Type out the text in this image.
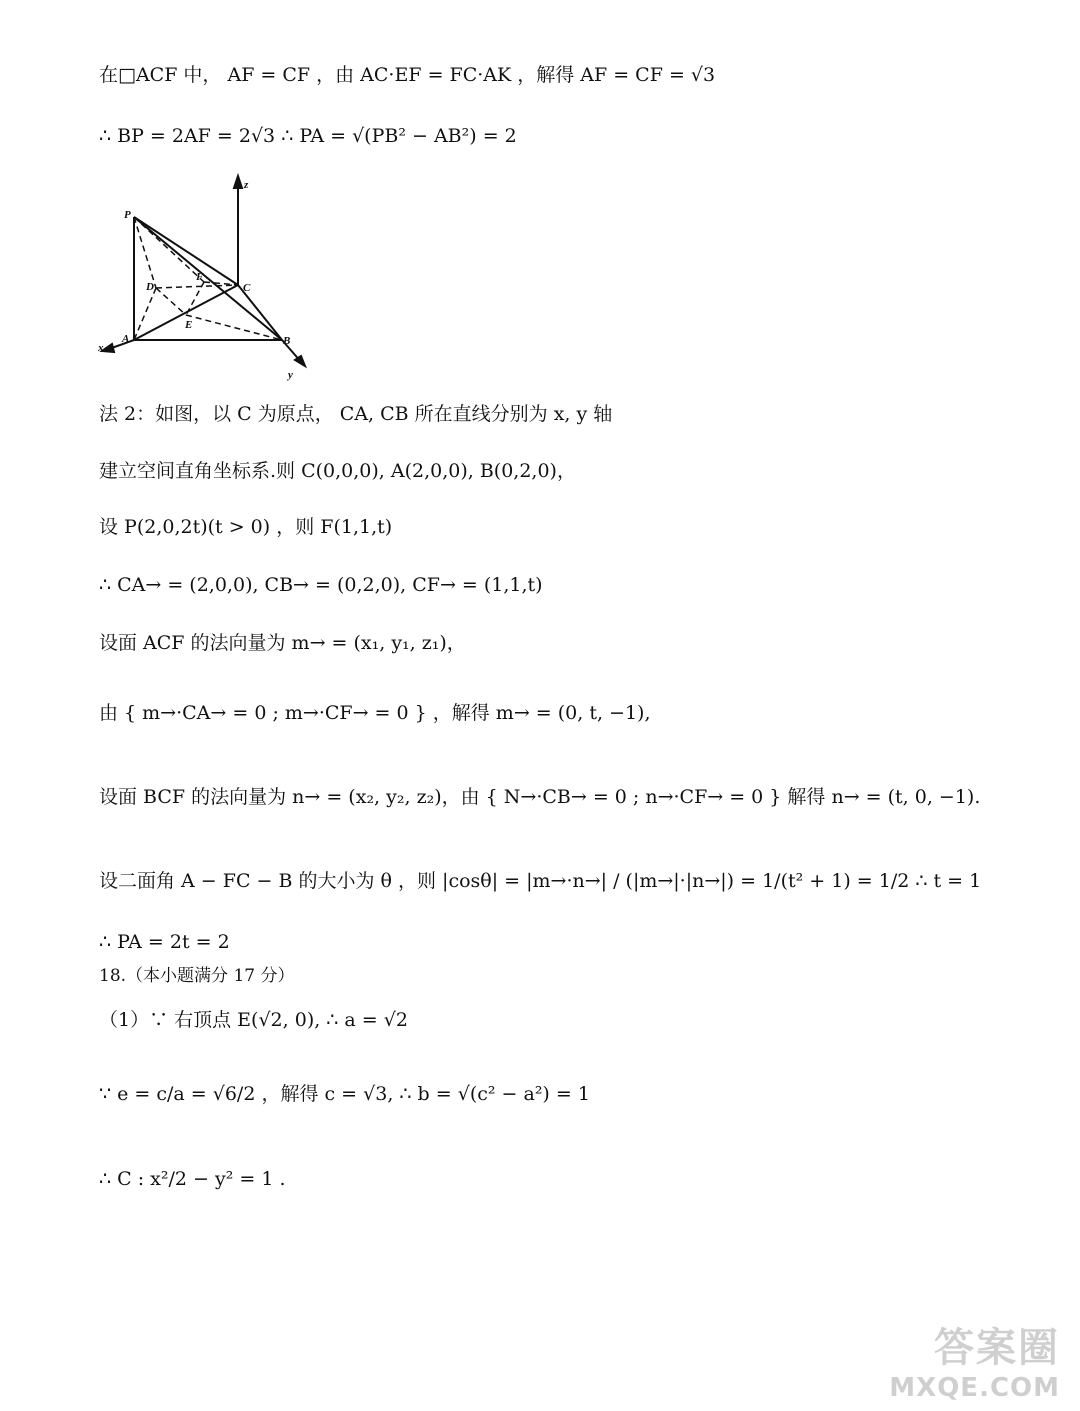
在□ACF 中， AF = CF ，由 AC·EF = FC·AK ，解得 AF = CF = √3
∴ BP = 2AF = 2√3 ∴ PA = √(PB² − AB²) = 2
P
z
D
F
C
A
E
B
x
y
法 2：如图，以 C 为原点， CA, CB 所在直线分别为 x, y 轴
建立空间直角坐标系.则 C(0,0,0), A(2,0,0), B(0,2,0)，
设 P(2,0,2t)(t > 0) ，则 F(1,1,t)
∴ CA→ = (2,0,0), CB→ = (0,2,0), CF→ = (1,1,t)
设面 ACF 的法向量为 m→ = (x₁, y₁, z₁)，
由 { m→·CA→ = 0 ; m→·CF→ = 0 } ，解得 m→ = (0, t, −1),
设面 BCF 的法向量为 n→ = (x₂, y₂, z₂)，由 { N→·CB→ = 0 ; n→·CF→ = 0 } 解得 n→ = (t, 0, −1).
设二面角 A − FC − B 的大小为 θ ，则 |cosθ| = |m→·n→| / (|m→|·|n→|) = 1/(t² + 1) = 1/2 ∴ t = 1
∴ PA = 2t = 2
18.（本小题满分 17 分）
（1）∵ 右顶点 E(√2, 0), ∴ a = √2
∵ e = c/a = √6/2 ，解得 c = √3, ∴ b = √(c² − a²) = 1
∴ C : x²/2 − y² = 1 .
答案圈
MXQE.COM
